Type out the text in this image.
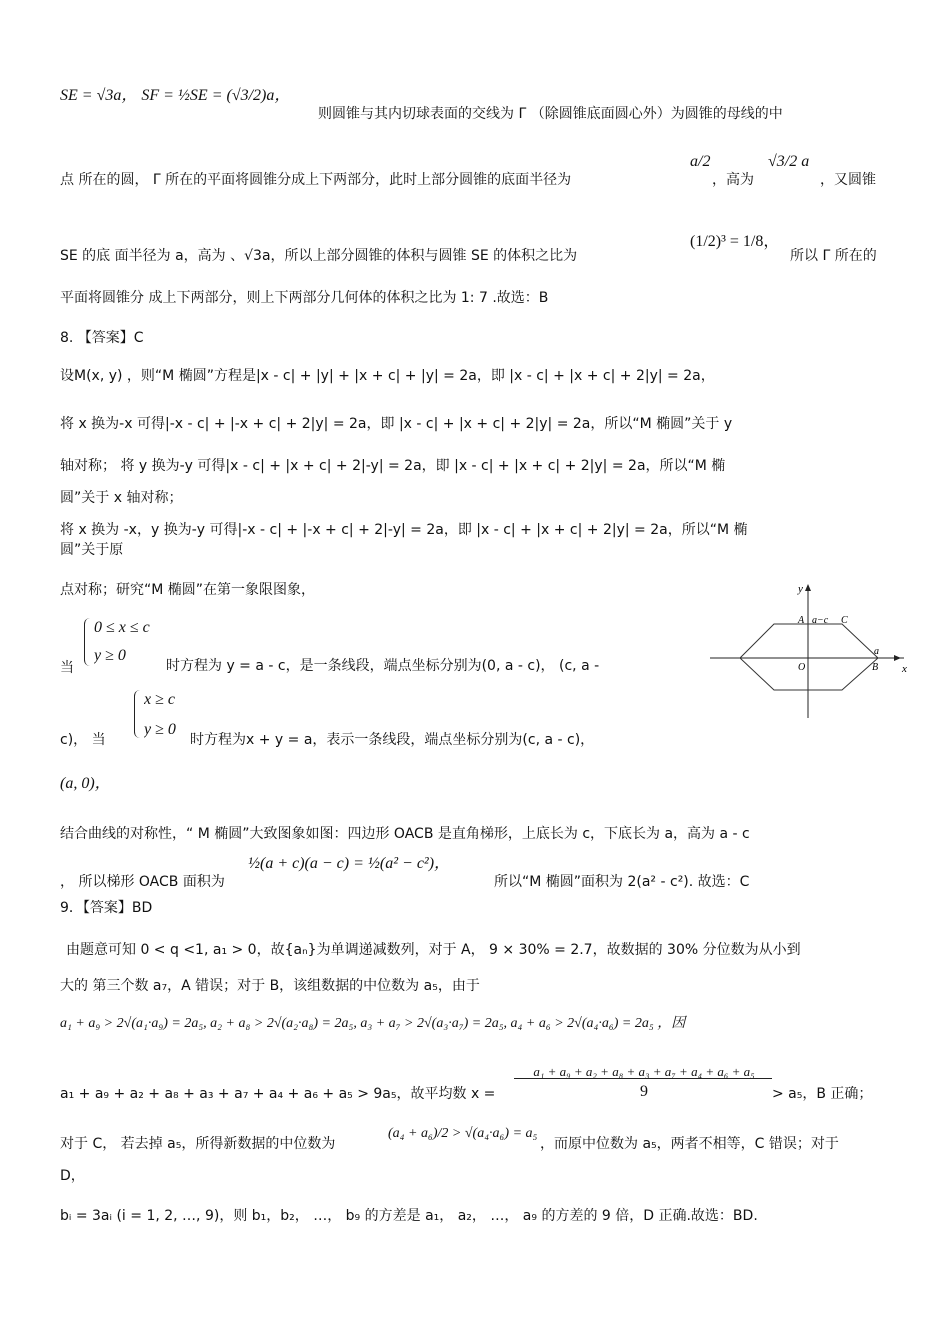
SE = √3a， SF = ½SE = (√3/2)a，
则圆锥与其内切球表面的交线为 Γ （除圆锥底面圆心外）为圆锥的母线的中
点 所在的圆， Γ 所在的平面将圆锥分成上下两部分，此时上部分圆锥的底面半径为
a/2
，高为
√3/2 a
，又圆锥
SE 的底 面半径为 a，高为 、√3a，所以上部分圆锥的体积与圆锥 SE 的体积之比为
(1/2)³ = 1/8，
所以 Γ 所在的
平面将圆锥分 成上下两部分，则上下两部分几何体的体积之比为 1: 7 .故选：B
8. 【答案】C
设M(x, y) ，则“M 椭圆”方程是|x - c| + |y| + |x + c| + |y| = 2a，即 |x - c| + |x + c| + 2|y| = 2a，
将 x 换为-x 可得|-x - c| + |-x + c| + 2|y| = 2a，即 |x - c| + |x + c| + 2|y| = 2a，所以“M 椭圆”关于 y
轴对称； 将 y 换为-y 可得|x - c| + |x + c| + 2|-y| = 2a，即 |x - c| + |x + c| + 2|y| = 2a，所以“M 椭
圆”关于 x 轴对称；
将 x 换为 -x，y 换为-y 可得|-x - c| + |-x + c| + 2|-y| = 2a，即 |x - c| + |x + c| + 2|y| = 2a，所以“M 椭
圆”关于原
点对称；研究“M 椭圆”在第一象限图象，
当
0 ≤ x ≤ c
y ≥ 0
时方程为 y = a - c，是一条线段，端点坐标分别为(0, a - c)， (c, a -
c)， 当
x ≥ c
y ≥ 0
时方程为x + y = a，表示一条线段，端点坐标分别为(c, a - c)，
(a, 0)，
结合曲线的对称性，“ M 椭圆”大致图象如图：四边形 OACB 是直角梯形，上底长为 c，下底长为 a，高为 a - c
， 所以梯形 OACB 面积为
½(a + c)(a − c) = ½(a² − c²)，
所以“M 椭圆”面积为 2(a² - c²). 故选：C
y
x
A a−c C
O	B
a
9．【答案】BD
由题意可知 0 < q <1, a₁ > 0，故{aₙ}为单调递减数列，对于 A， 9 × 30% = 2.7，故数据的 30% 分位数为从小到
大的 第三个数 a₇，A 错误；对于 B，该组数据的中位数为 a₅，由于
a₁ + a₉ > 2√(a₁·a₉) = 2a₅, a₂ + a₈ > 2√(a₂·a₈) = 2a₅, a₃ + a₇ > 2√(a₃·a₇) = 2a₅, a₄ + a₆ > 2√(a₄·a₆) = 2a₅ ，因
a₁ + a₉ + a₂ + a₈ + a₃ + a₇ + a₄ + a₆ + a₅
9
a₁ + a₉ + a₂ + a₈ + a₃ + a₇ + a₄ + a₆ + a₅ > 9a₅，故平均数 x =	> a₅，B 正确；
对于 C， 若去掉 a₅，所得新数据的中位数为
(a₄ + a₆)/2 > √(a₄·a₆) = a₅
，而原中位数为 a₅，两者不相等，C 错误；对于
D，
bᵢ = 3aᵢ (i = 1, 2, …, 9)，则 b₁，b₂， …， b₉ 的方差是 a₁， a₂， …， a₉ 的方差的 9 倍，D 正确.故选：BD.
